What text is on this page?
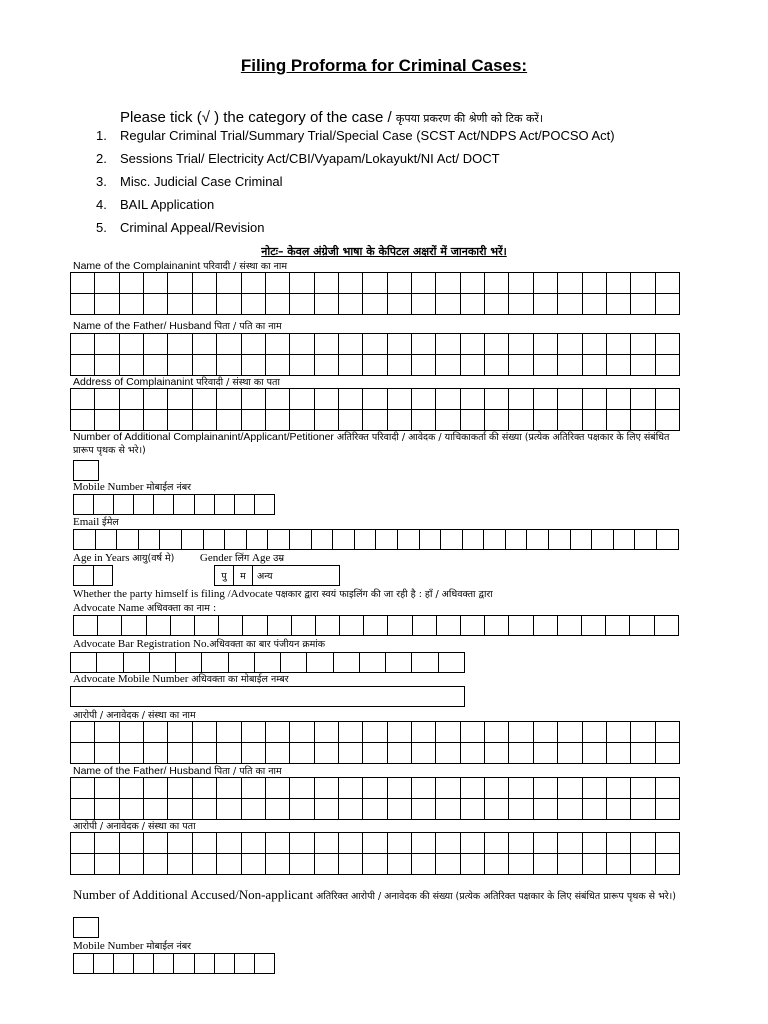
Filing Proforma for Criminal Cases:
Please tick (√ ) the category of the case / कृपया प्रकरण की श्रेणी को टिक करें।
1. Regular Criminal Trial/Summary Trial/Special Case (SCST Act/NDPS Act/POCSO Act)
2. Sessions Trial/ Electricity Act/CBI/Vyapam/Lokayukt/NI Act/ DOCT
3. Misc. Judicial Case Criminal
4. BAIL Application
5. Criminal Appeal/Revision
नोटः– केवल अंग्रेजी भाषा के केपिटल अक्षरों में जानकारी भरें।
Name of the Complainanint परिवादी / संस्था का नाम

Name of the Father/ Husband पिता / पति का नाम

Address of Complainanint परिवादी / संस्था का पता

Number of Additional Complainanint/Applicant/Petitioner अतिरिक्त परिवादी / आवेदक / याचिकाकर्ता की संख्या (प्रत्येक अतिरिक्त पक्षकार के लिए संबंधित प्रारूप पृथक से भरे।)
Mobile Number मोबाईल नंबर

Email ईमेल

Age in Years आयु(वर्ष मे) Gender लिंग Age उम्र

पु	म	अन्य
Whether the party himself is filing /Advocate पक्षकार द्वारा स्वयं फाइलिंग की जा रही है : हाँ / अधिवक्ता द्वारा
Advocate Name अधिवक्ता का नाम :

Advocate Bar Registration No.अधिवक्ता का बार पंजीयन क्रमांक

Advocate Mobile Number अधिवक्ता का मोबाईल नम्बर
आरोपी / अनावेदक / संस्था का नाम

Name of the Father/ Husband पिता / पति का नाम

आरोपी / अनावेदक / संस्था का पता

Number of Additional Accused/Non-applicant अतिरिक्त आरोपी / अनावेदक की संख्या (प्रत्येक अतिरिक्त पक्षकार के लिए संबंधित प्रारूप पृथक से भरे।)
Mobile Number मोबाईल नंबर
